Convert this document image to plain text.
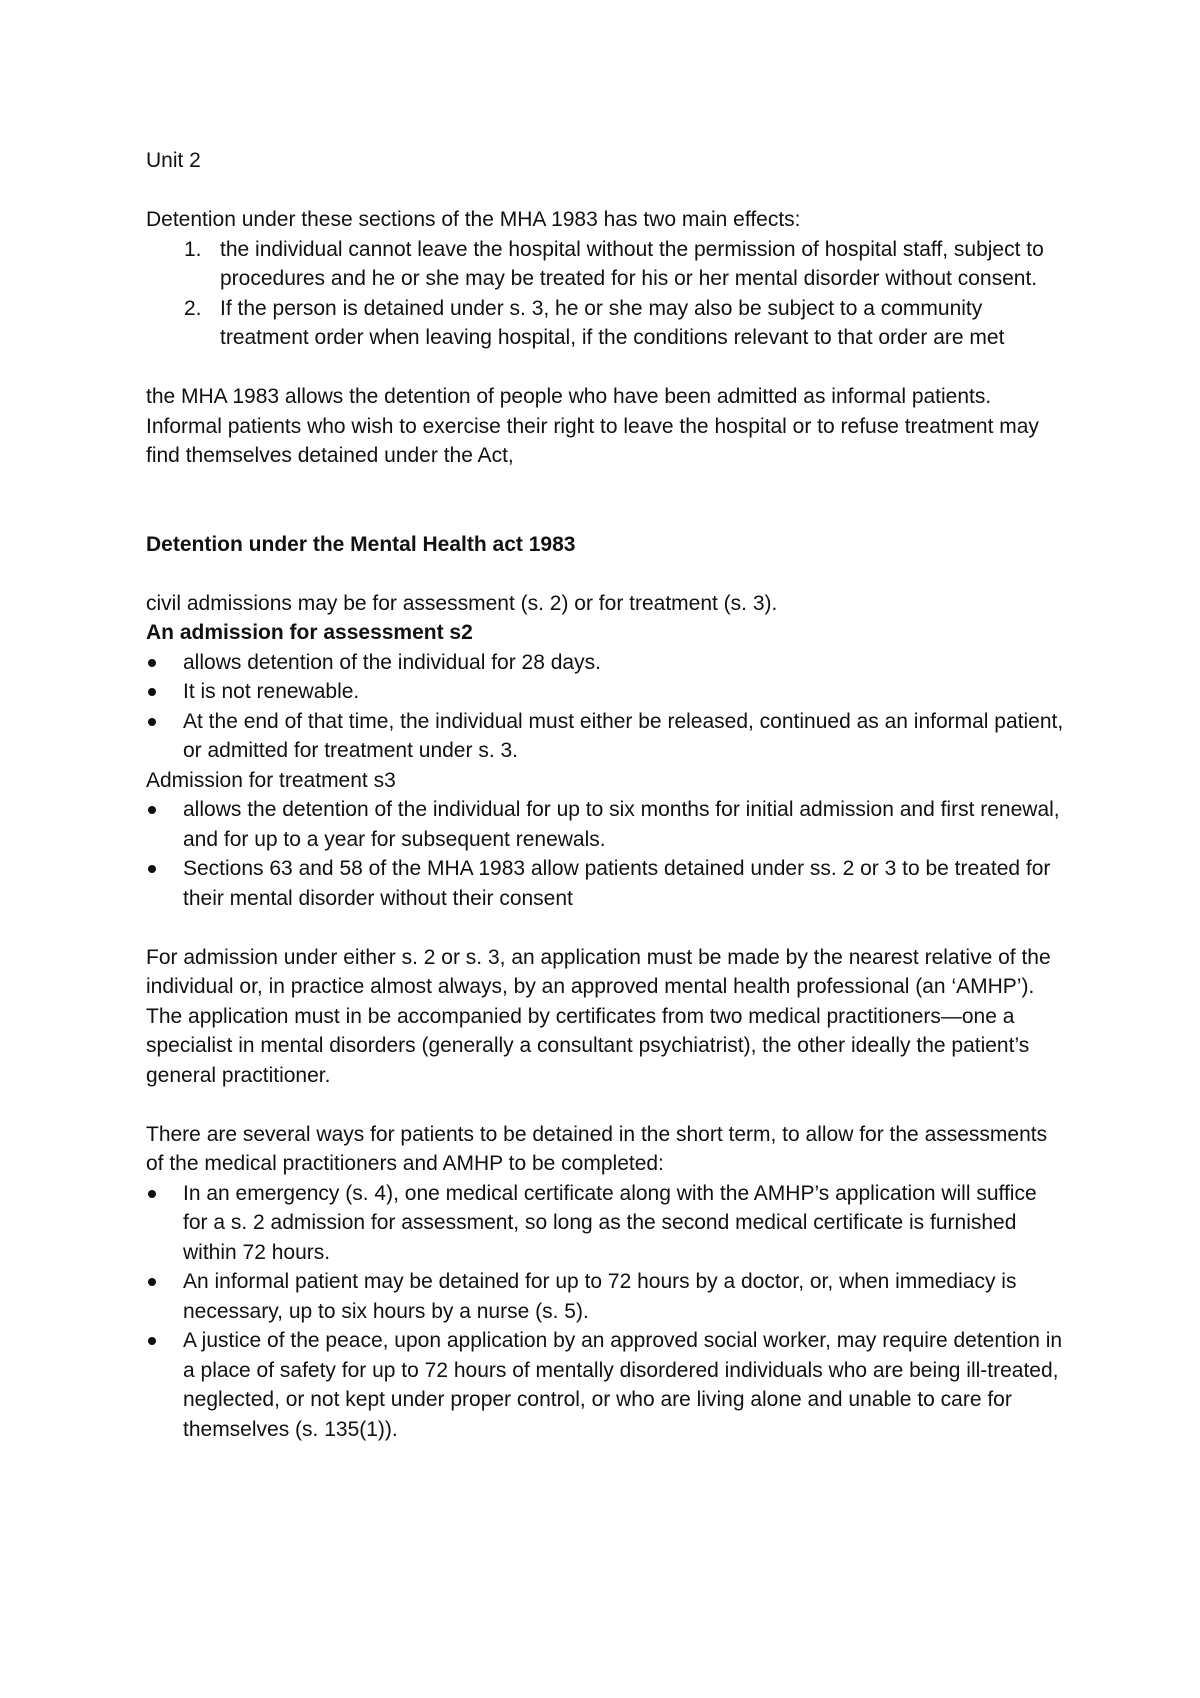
Unit 2

Detention under these sections of the MHA 1983 has two main effects:

1. the individual cannot leave the hospital without the permission of hospital staff, subject to procedures and he or she may be treated for his or her mental disorder without consent.
2. If the person is detained under s. 3, he or she may also be subject to a community treatment order when leaving hospital, if the conditions relevant to that order are met

the MHA 1983 allows the detention of people who have been admitted as informal patients. Informal patients who wish to exercise their right to leave the hospital or to refuse treatment may find themselves detained under the Act,

Detention under the Mental Health act 1983

civil admissions may be for assessment (s. 2) or for treatment (s. 3).

An admission for assessment s2

allows detention of the individual for 28 days.
It is not renewable.
At the end of that time, the individual must either be released, continued as an informal patient, or admitted for treatment under s. 3.

Admission for treatment s3

allows the detention of the individual for up to six months for initial admission and first renewal, and for up to a year for subsequent renewals.
Sections 63 and 58 of the MHA 1983 allow patients detained under ss. 2 or 3 to be treated for their mental disorder without their consent

For admission under either s. 2 or s. 3, an application must be made by the nearest relative of the individual or, in practice almost always, by an approved mental health professional (an ‘AMHP’). The application must in be accompanied by certificates from two medical practitioners—one a specialist in mental disorders (generally a consultant psychiatrist), the other ideally the patient’s general practitioner.

There are several ways for patients to be detained in the short term, to allow for the assessments of the medical practitioners and AMHP to be completed:

In an emergency (s. 4), one medical certificate along with the AMHP’s application will suffice for a s. 2 admission for assessment, so long as the second medical certificate is furnished within 72 hours.
An informal patient may be detained for up to 72 hours by a doctor, or, when immediacy is necessary, up to six hours by a nurse (s. 5).
A justice of the peace, upon application by an approved social worker, may require detention in a place of safety for up to 72 hours of mentally disordered individuals who are being ill-treated, neglected, or not kept under proper control, or who are living alone and unable to care for themselves (s. 135(1)).
